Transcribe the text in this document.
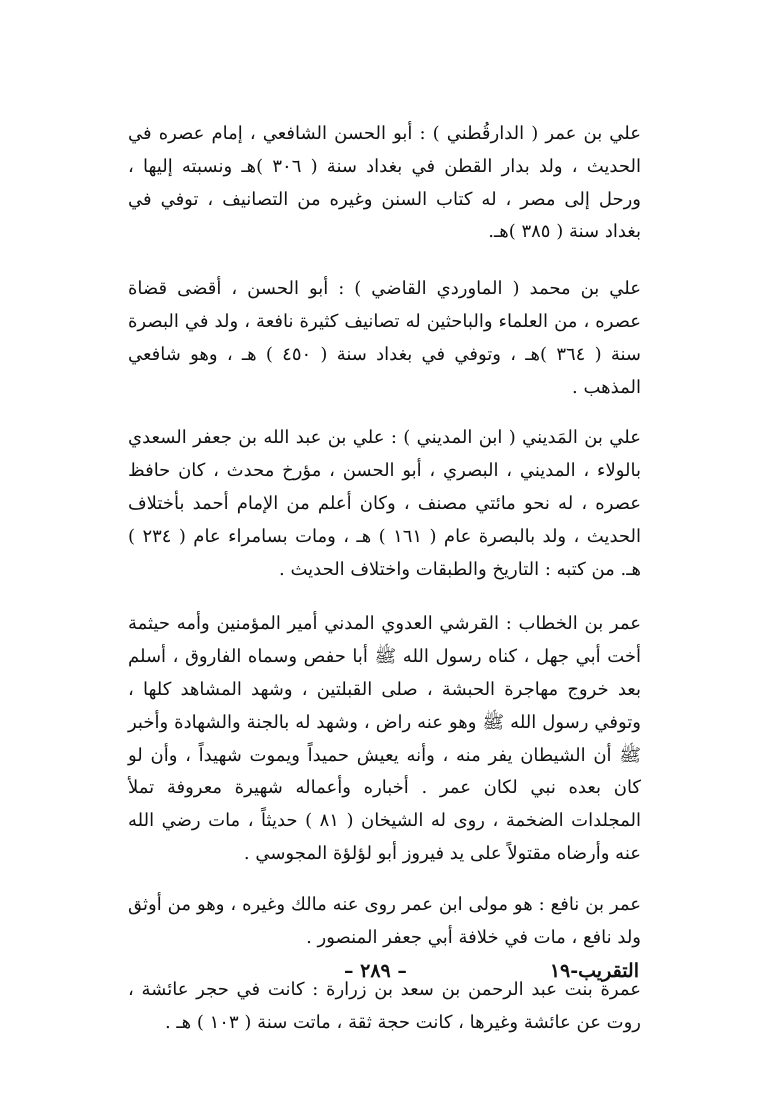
علي بن عمر ( الدارقُطني ) : أبو الحسن الشافعي ، إمام عصره في الحديث ، ولد بدار القطن في بغداد سنة ( ٣٠٦ )هـ ونسبته إليها ، ورحل إلى مصر ، له كتاب السنن وغيره من التصانيف ، توفي في بغداد سنة ( ٣٨٥ )هـ.

علي بن محمد ( الماوردي القاضي ) : أبو الحسن ، أقضى قضاة عصره ، من العلماء والباحثين له تصانيف كثيرة نافعة ، ولد في البصرة سنة ( ٣٦٤ )هـ ، وتوفي في بغداد سنة ( ٤٥٠ ) هـ ، وهو شافعي المذهب .

علي بن المَديني ( ابن المديني ) : علي بن عبد الله بن جعفر السعدي بالولاء ، المديني ، البصري ، أبو الحسن ، مؤرخ محدث ، كان حافظ عصره ، له نحو مائتي مصنف ، وكان أعلم من الإمام أحمد بأختلاف الحديث ، ولد بالبصرة عام ( ١٦١ ) هـ ، ومات بسامراء عام ( ٢٣٤ ) هـ. من كتبه : التاريخ والطبقات واختلاف الحديث .

عمر بن الخطاب : القرشي العدوي المدني أمير المؤمنين وأمه حيثمة أخت أبي جهل ، كناه رسول الله ﷺ أبا حفص وسماه الفاروق ، أسلم بعد خروج مهاجرة الحبشة ، صلى القبلتين ، وشهد المشاهد كلها ، وتوفي رسول الله ﷺ وهو عنه راض ، وشهد له بالجنة والشهادة وأخبر ﷺ أن الشيطان يفر منه ، وأنه يعيش حميداً ويموت شهيداً ، وأن لو كان بعده نبي لكان عمر . أخباره وأعماله شهيرة معروفة تملأ المجلدات الضخمة ، روى له الشيخان ( ٨١ ) حديثاً ، مات رضي الله عنه وأرضاه مقتولاً على يد فيروز أبو لؤلؤة المجوسي .

عمر بن نافع : هو مولى ابن عمر روى عنه مالك وغيره ، وهو من أوثق ولد نافع ، مات في خلافة أبي جعفر المنصور .

عمرة بنت عبد الرحمن بن سعد بن زرارة : كانت في حجر عائشة ، روت عن عائشة وغيرها ، كانت حجة ثقة ، ماتت سنة ( ١٠٣ ) هـ .

التقريب-١٩
– ٢٨٩ –
